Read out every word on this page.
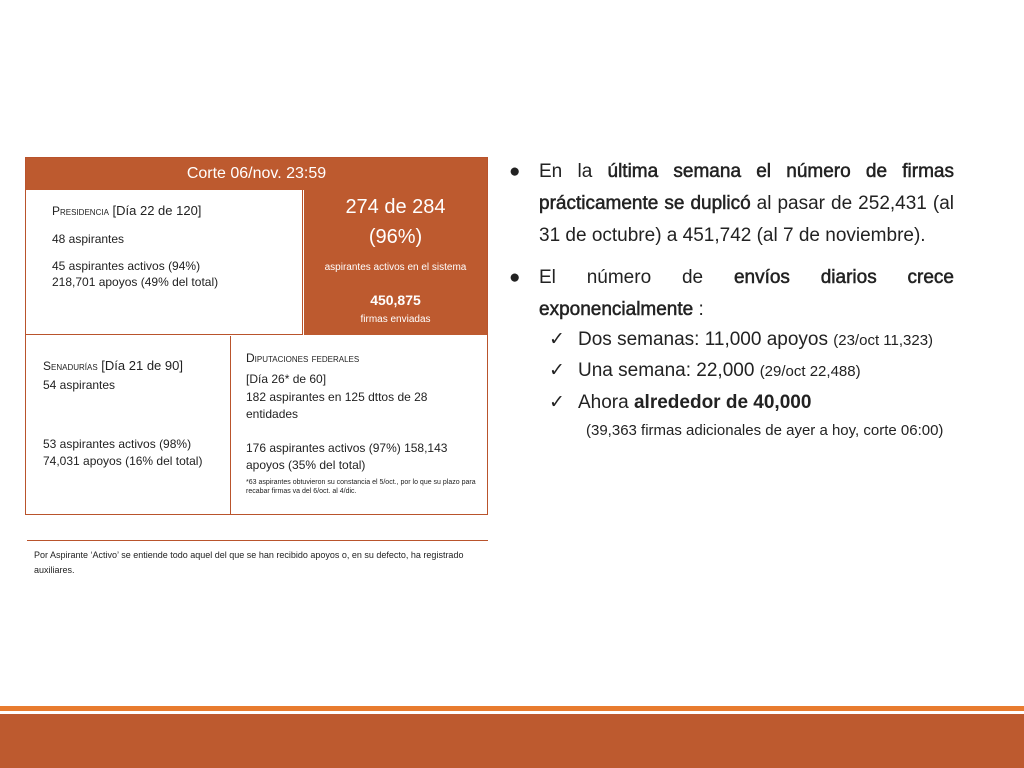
Corte 06/nov. 23:59
Presidencia [Día 22 de 120]
48 aspirantes
45 aspirantes activos (94%)
218,701 apoyos (49% del total)
274 de 284
(96%)
aspirantes activos en el sistema
450,875
firmas enviadas
Senadurías [Día 21 de 90]
54 aspirantes
53 aspirantes activos (98%) 74,031 apoyos (16% del total)
Diputaciones federales
[Día 26* de 60]
182 aspirantes en 125 dttos de 28 entidades
176 aspirantes activos (97%) 158,143 apoyos (35% del total)
*63 aspirantes obtuvieron su constancia el 5/oct., por lo que su plazo para recabar firmas va del 6/oct. al 4/dic.
Por Aspirante ‘Activo’ se entiende todo aquel del que se han recibido apoyos o, en su defecto, ha registrado auxiliares.
● En la última semana el número de firmas prácticamente se duplicó al pasar de 252,431 (al 31 de octubre) a 451,742 (al 7 de noviembre).
● El número de envíos diarios crece exponencialmente :
✓ Dos semanas: 11,000 apoyos (23/oct 11,323)
✓ Una semana: 22,000 (29/oct 22,488)
✓ Ahora alrededor de 40,000
(39,363 firmas adicionales de ayer a hoy, corte 06:00)
